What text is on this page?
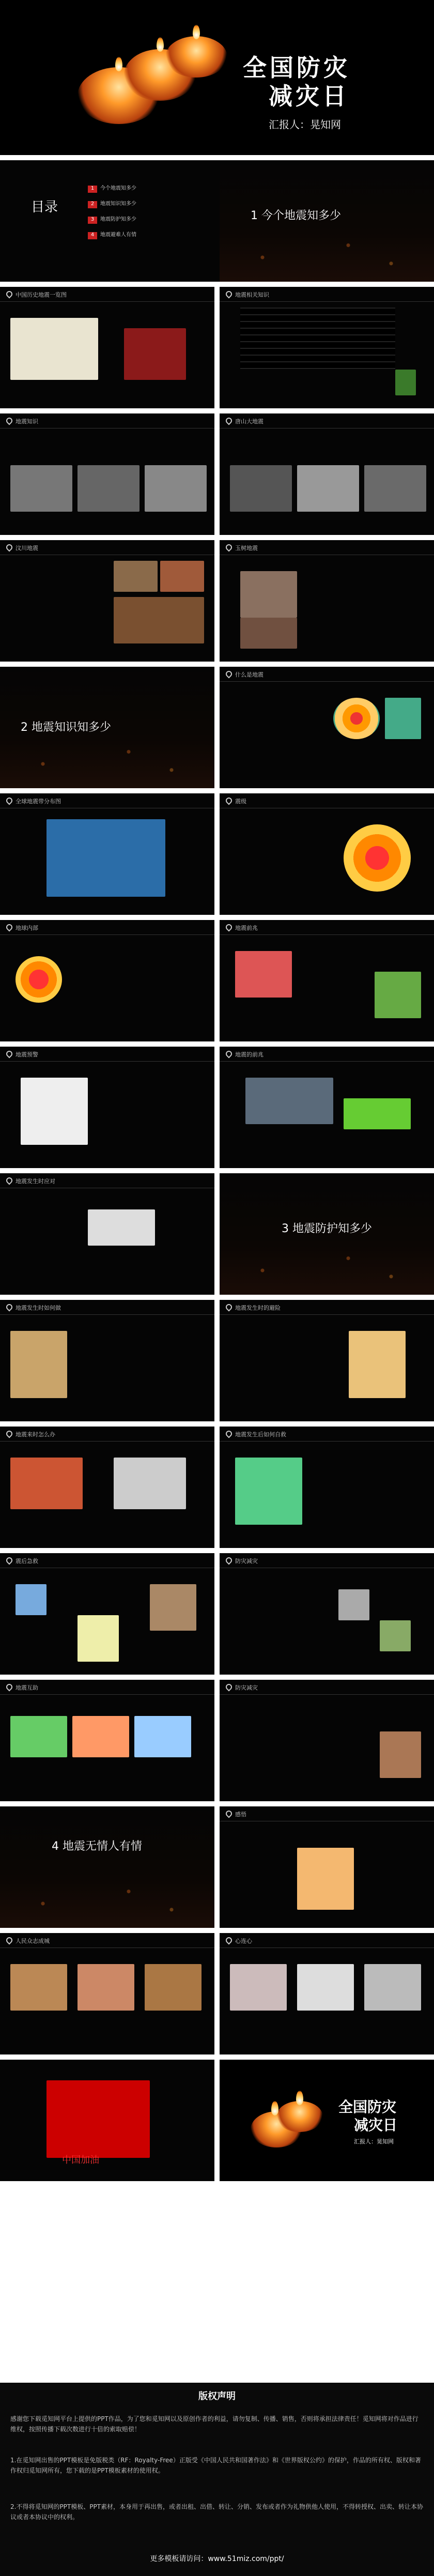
全国防灾
减灾日
汇报人：晃知网
目录
1 今个地震知多少
2 地震知识知多少
3 地震防护知多少
4 地震避难人有情
1 今个地震知多少
中国历史地震一览图	地震相关知识
地震知识	唐山大地震
汶川地震	玉树地震
2 地震知识知多少
什么是地震
全球地震带分布图	震级
地球内部	地震前兆
地震预警	地震的前兆
地震发生时应对
3 地震防护知多少
地震发生时如何做	地震发生时的避险
地震来时怎么办	地震发生后如何自救
震后急救	防灾减灾
地震互助	防灾减灾
4 地震无情人有情
感悟
人民众志成城	心连心
中国加油
全国防灾
减灾日
汇报人：晃知网
版权声明
感谢您下载觅知网平台上提供的PPT作品，为了您和觅知网以及原创作者的利益，请勿复制、传播、销售，否则将承担法律责任！觅知网将对作品进行维权，按照传播下载次数进行十倍的索取赔偿！
1.在觅知网出售的PPT模板是免版税类（RF：Royalty-Free）正版受《中国人民共和国著作法》和《世界版权公约》的保护，作品的所有权、版权和著作权归觅知网所有，您下载的是PPT模板素材的使用权。
2.不得将觅知网的PPT模板、PPT素材，本身用于再出售，或者出租、出借、转让、分销、发布或者作为礼物供他人使用，不得转授权、出卖、转让本协议或者本协议中的权利。
更多模板请访问：www.51miz.com/ppt/
